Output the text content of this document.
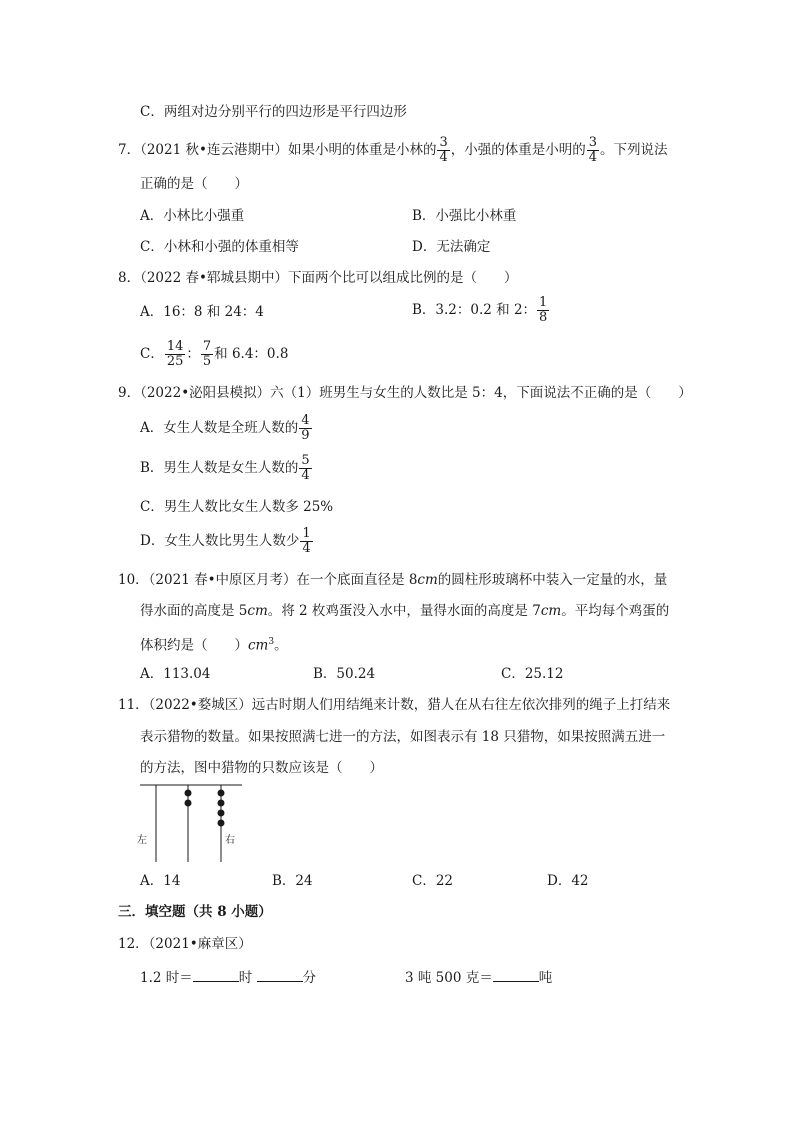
C．两组对边分别平行的四边形是平行四边形
7．（2021 秋•连云港期中）如果小明的体重是小林的 $\frac{3}{4}$ ，小强的体重是小明的 $\frac{3}{4}$ 。下列说法
正确的是（　　）
A．小林比小强重	B．小强比小林重
C．小林和小强的体重相等	D．无法确定
8．（2022 春•郓城县期中）下面两个比可以组成比例的是（　　）
A．16：8 和 24：4	B．3.2：0.2 和 2： $\frac{1}{8}$
C． $\frac{14}{25}$ ： $\frac{7}{5}$ 和 6.4：0.8
9．（2022•泌阳县模拟）六（1）班男生与女生的人数比是 5：4，下面说法不正确的是（　　）
A．女生人数是全班人数的 $\frac{4}{9}$
B．男生人数是女生人数的 $\frac{5}{4}$
C．男生人数比女生人数多 25%
D．女生人数比男生人数少 $\frac{1}{4}$
10．（2021 春•中原区月考）在一个底面直径是 8cm的圆柱形玻璃杯中装入一定量的水，量
得水面的高度是 5cm。将 2 枚鸡蛋没入水中，量得水面的高度是 7cm。平均每个鸡蛋的
体积约是（　　）$cm^3$。
A．113.04	B．50.24	C．25.12
11．（2022•婺城区）远古时期人们用结绳来计数，猎人在从右往左依次排列的绳子上打结来
表示猎物的数量。如果按照满七进一的方法，如图表示有 18 只猎物，如果按照满五进一
的方法，图中猎物的只数应该是（　　）
左	右
A．14	B．24	C．22	D．42
三．填空题（共 8 小题）
12．（2021•麻章区）
1.2 时＝	时	分	3 吨 500 克＝	吨
